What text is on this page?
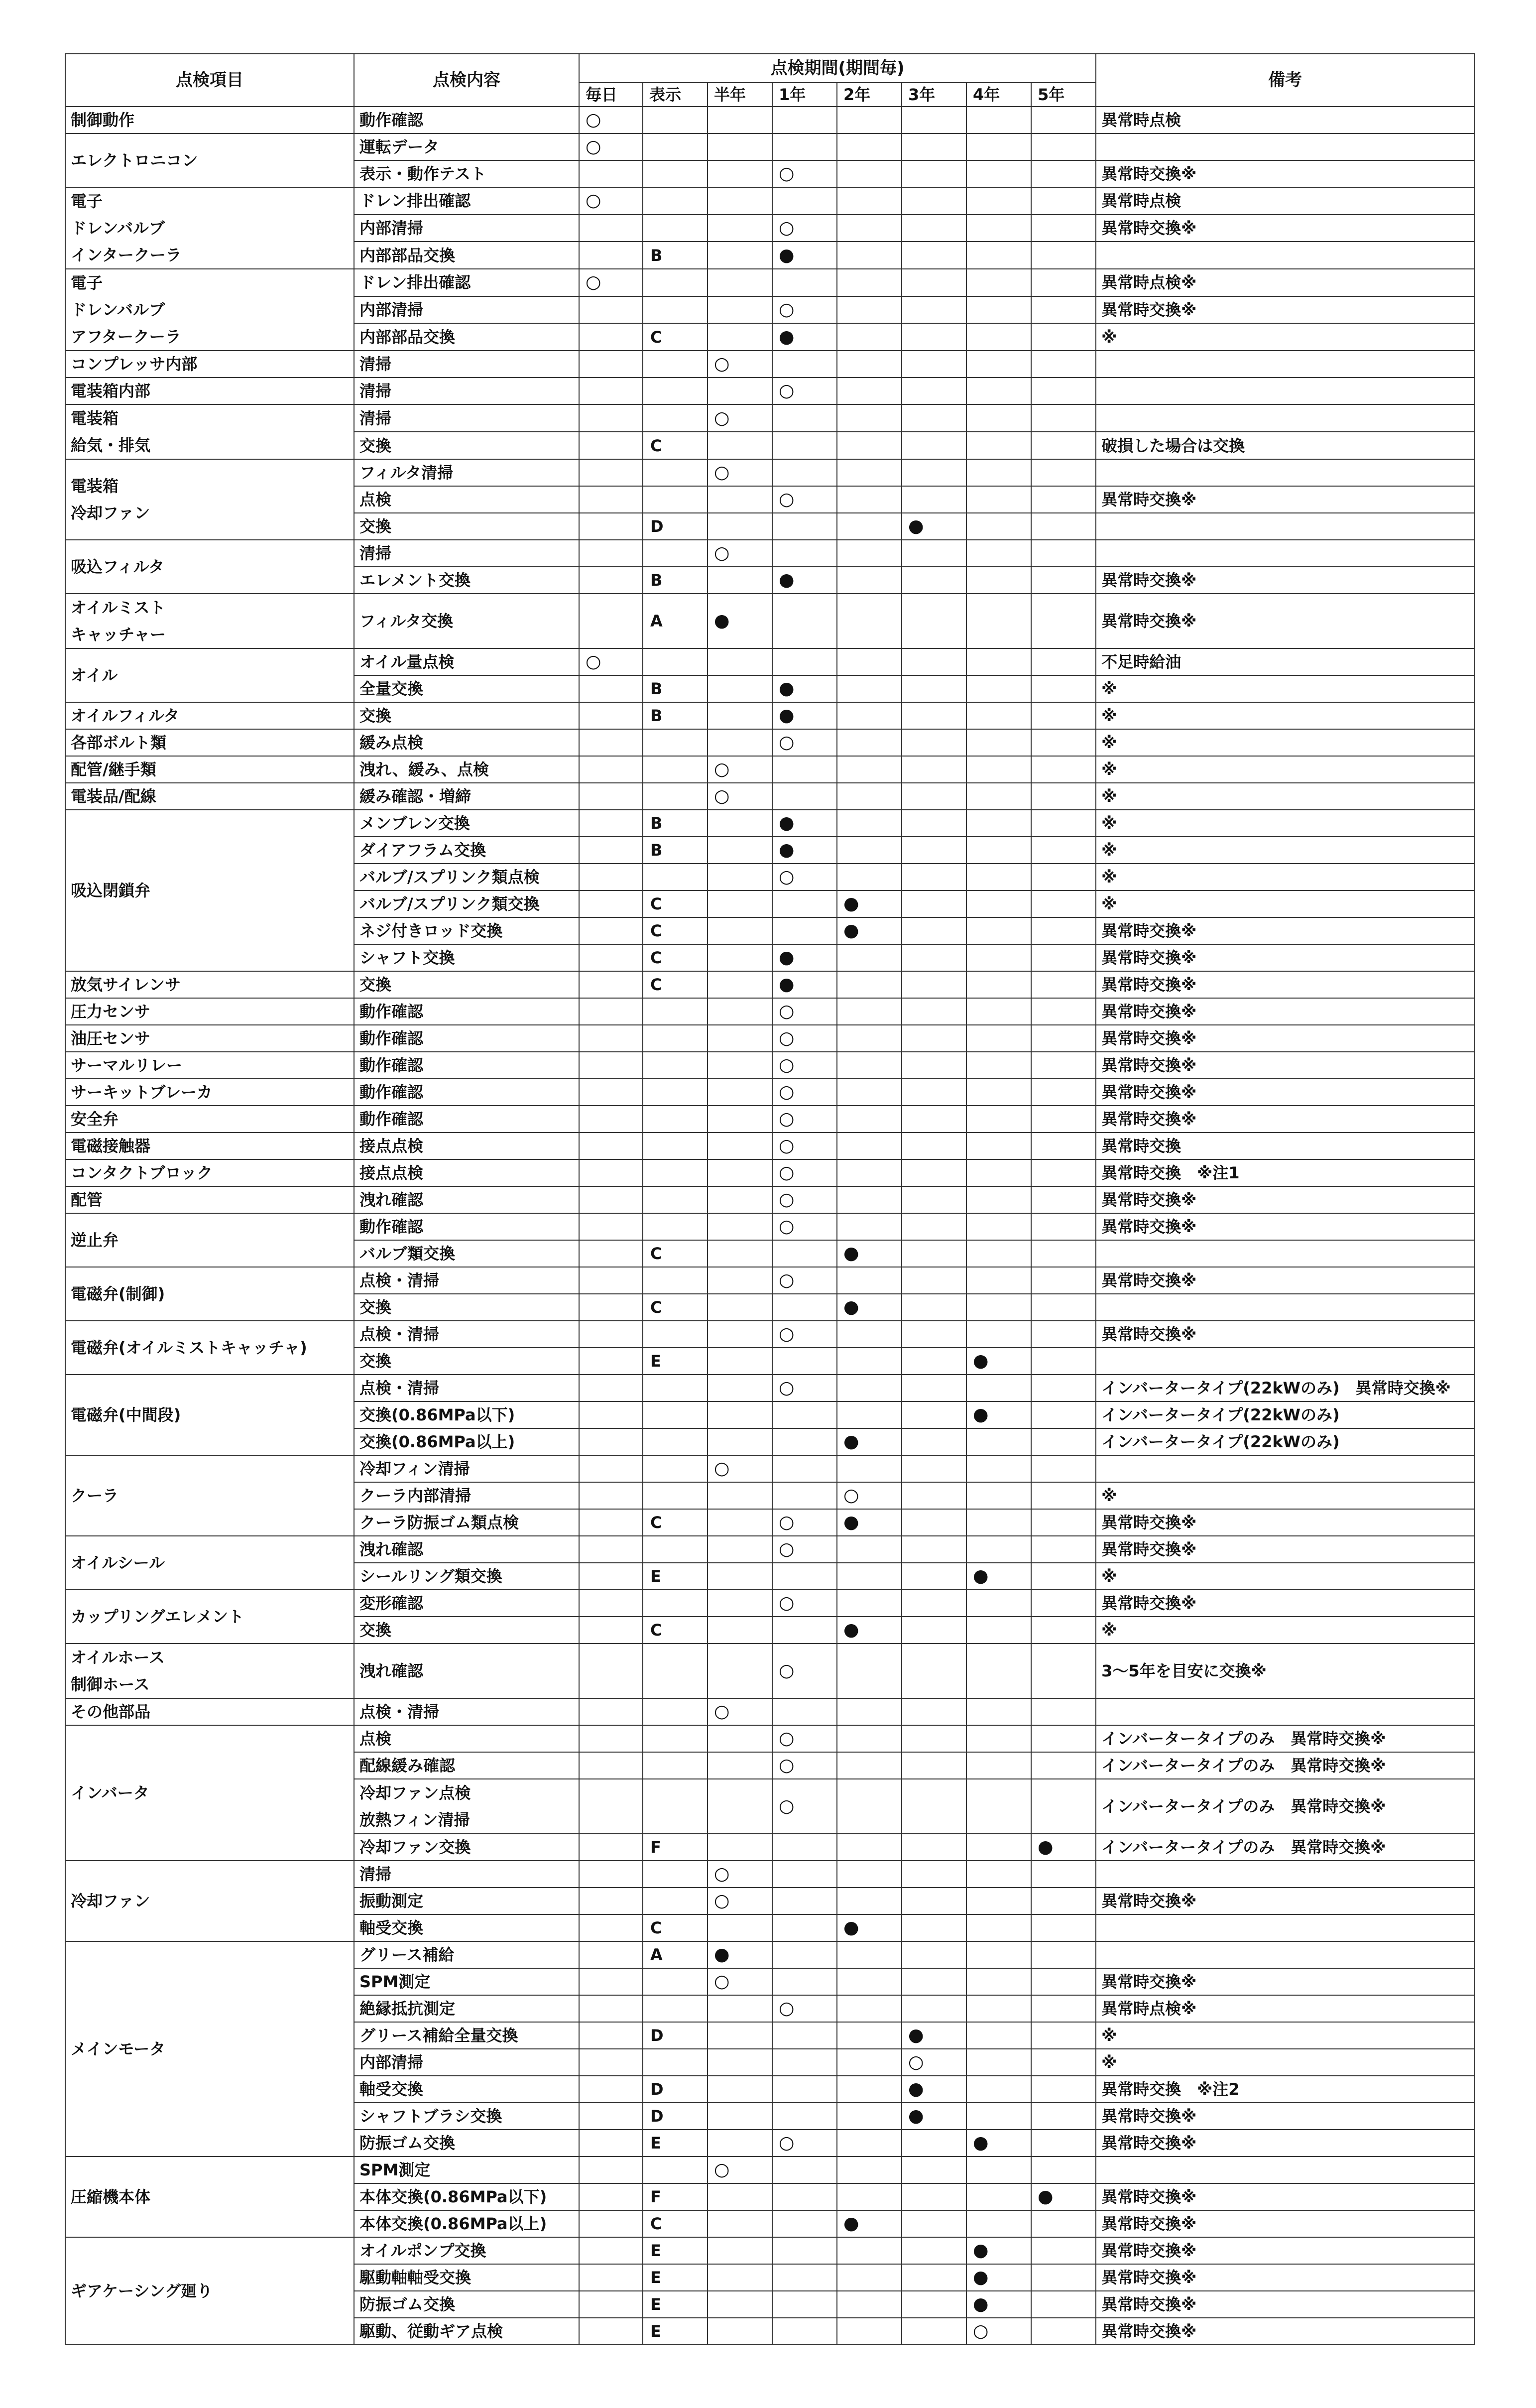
点検項目	点検内容	点検期間(期間毎)								備考
		毎日	表示	半年	1年	2年	3年	4年	5年	
制御動作	動作確認	○								異常時点検
エレクトロニコン	運転データ	○								
	表示・動作テスト				○					異常時交換※

電子
ドレンバルブ
インタークーラ	ドレン排出確認	○								異常時点検
	内部清掃				○					異常時交換※
	内部部品交換		B		●					

電子
ドレンバルブ
アフタークーラ	ドレン排出確認	○								異常時点検※
	内部清掃				○					異常時交換※
	内部部品交換		C		●					※
コンプレッサ内部	清掃			○						
電装箱内部	清掃				○					

電装箱
給気・排気	清掃			○						
	交換		C							破損した場合は交換

電装箱
冷却ファン	フィルタ清掃			○						
	点検				○					異常時交換※
	交換		D				●			
吸込フィルタ	清掃			○						
	エレメント交換		B		●					異常時交換※

オイルミスト
キャッチャー	フィルタ交換		A	●						異常時交換※
オイル	オイル量点検	○								不足時給油
	全量交換		B		●					※
オイルフィルタ	交換		B		●					※
各部ボルト類	緩み点検				○					※
配管/継手類	洩れ、緩み、点検			○						※
電装品/配線	緩み確認・増締			○						※
吸込閉鎖弁	メンブレン交換		B		●					※
	ダイアフラム交換		B		●					※
	バルブ/スプリンク類点検				○					※
	バルブ/スプリンク類交換		C			●				※
	ネジ付きロッド交換		C			●				異常時交換※
	シャフト交換		C		●					異常時交換※
放気サイレンサ	交換		C		●					異常時交換※
圧力センサ	動作確認				○					異常時交換※
油圧センサ	動作確認				○					異常時交換※
サーマルリレー	動作確認				○					異常時交換※
サーキットブレーカ	動作確認				○					異常時交換※
安全弁	動作確認				○					異常時交換※
電磁接触器	接点点検				○					異常時交換
コンタクトブロック	接点点検				○					異常時交換　※注1
配管	洩れ確認				○					異常時交換※
逆止弁	動作確認				○					異常時交換※
	バルブ類交換		C			●				
電磁弁(制御)	点検・清掃				○					異常時交換※
	交換		C			●				
電磁弁(オイルミストキャッチャ)	点検・清掃				○					異常時交換※
	交換		E					●		
電磁弁(中間段)	点検・清掃				○					インバータータイプ(22kWのみ)　異常時交換※
	交換(0.86MPa以下)							●		インバータータイプ(22kWのみ)
	交換(0.86MPa以上)					●				インバータータイプ(22kWのみ)
クーラ	冷却フィン清掃			○						
	クーラ内部清掃					○				※
	クーラ防振ゴム類点検		C		○	●				異常時交換※
オイルシール	洩れ確認				○					異常時交換※
	シールリング類交換		E					●		※
カップリングエレメント	変形確認				○					異常時交換※
	交換		C			●				※

オイルホース
制御ホース	洩れ確認				○					3～5年を目安に交換※
その他部品	点検・清掃			○						
インバータ	点検				○					インバータータイプのみ　異常時交換※
	配線緩み確認				○					インバータータイプのみ　異常時交換※

	冷却ファン点検
放熱フィン清掃				○					インバータータイプのみ　異常時交換※
	冷却ファン交換		F						●	インバータータイプのみ　異常時交換※
冷却ファン	清掃			○						
	振動測定			○						異常時交換※
	軸受交換		C			●				
メインモータ	グリース補給		A	●						
	SPM測定			○						異常時交換※
	絶縁抵抗測定				○					異常時点検※
	グリース補給全量交換		D				●			※
	内部清掃						○			※
	軸受交換		D				●			異常時交換　※注2
	シャフトブラシ交換		D				●			異常時交換※
	防振ゴム交換		E		○			●		異常時交換※
圧縮機本体	SPM測定			○						
	本体交換(0.86MPa以下)		F						●	異常時交換※
	本体交換(0.86MPa以上)		C			●				異常時交換※
ギアケーシング廻り	オイルポンプ交換		E					●		異常時交換※
	駆動軸軸受交換		E					●		異常時交換※
	防振ゴム交換		E					●		異常時交換※
	駆動、従動ギア点検		E					○		異常時交換※
